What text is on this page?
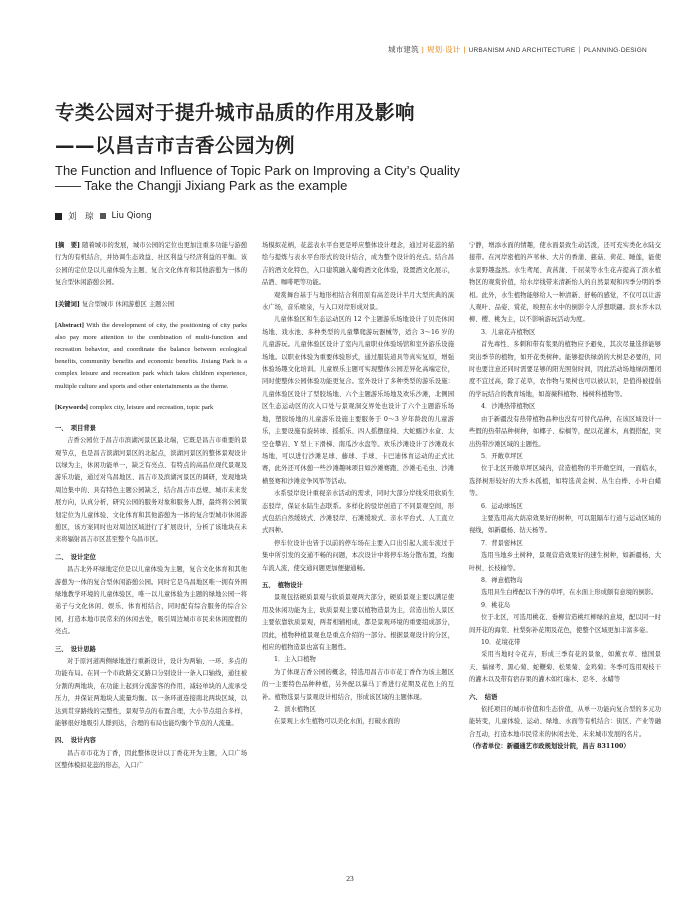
城市建筑 | 规划·设计 | URBANISM AND ARCHITECTURE | PLANNING·DESIGN
专类公园对于提升城市品质的作用及影响
——以昌吉市吉香公园为例
The Function and Influence of Topic Park on Improving a City’s Quality
—— Take the Changji Jixiang Park as the example
刘　琼 Liu Qiong
[摘　要] 随着城市的发展，城市公园的定位也更加注重多功能与游憩行为的有机结合，并协调生态效益、社区利益与经济利益的平衡。该公园的定位是以儿童体验为主题、复合文化体育和其他游憩为一体的复合型休闲游憩公园。
[关键词] 复合型城市 休闲游憩区 主题公园
[Abstract] With the development of city, the positioning of city parks also pay more attention to the combination of multi-function and recreation behavior, and coordinate the balance between ecological benefits, community benefits and economic benefits. Jixiang Park is a complex leisure and recreation park which takes children experience, multiple culture and sports and other entertainments as the theme.
[Keywords] complex city, leisure and recreation, topic park
一、　项目背景
吉香公园位于昌吉市滨湖河景区最北端，它既是昌吉市重要的景观节点，也是昌吉滨湖河景区的北起点，滨湖河景区的整体景观设计以绿为主，休闲功能单一，缺乏有亮点、有特点的高品位现代景观及游乐功能，通过对乌昌地区、昌吉市及滨湖河景区的调研，发现地块周边集中的、具有特色主题公园缺乏，结合昌吉市总规、城市未来发展方向，认真分析，研究公园的服务对象和服务人群，最终将公园策划定位为儿童体验、文化体育和其他游憩为一体的复合型城市休闲游憩区，该方案同时也对周边区域进行了扩展设计，分析了该地块在未来将辐射昌吉市区甚至整个乌昌市区。
二、　设计定位
昌吉北外环绿地定位是以儿童体验为主题，复合文化体育和其他游憩为一体的复合型休闲游憩公园。同时它是乌昌地区唯一拥有外围绿地教学环境的儿童体验区，唯一以儿童体验为主题的绿地公园一将弟子与文化休闲、娱乐、体育相结合，同时配有综合服务的综合公园，打造本地市民常来的休闲去处，吸引周边城市市民来休闲度假的亮点。
三、　设计思路
对于原河道两侧绿地进行重新设计，设计为两轴、一环、多点的功能布局。在同一个市政路交叉路口分别设计一条入口轴线，通往被分割的两地块，在功能上起到分流游客的作用，减轻单块的人流承受压力，并保证两地块人流量均衡。以一条环道连接南北两块区域，以达到贯穿路线的完整性，景观节点的布置合理，大小节点组合多样，能够很好地吸引人群到达，合理的布局也能均衡个节点的人流量。
四、　设计内容
昌吉市市花为丁香，因此整体设计以丁香花开为主题，入口广场区整体模拟花蕊的形态，入口广
场模拟花柄，花蕊表水平台更是呼应整体设计理念，通过对花蕊的描绘与提炼与表水平台形式的设计结合，成为整个设计的亮点。结合昌吉的酒文化特色，入口建筑融入葡萄酒文化体验，设置酒文化展示，品酒、咖啡吧等功能。
观赏舞台基于与地形相结合利用原有高差设计半月大型庆典的演水广场，音乐喷泉，与入口对岸形成对景。
儿童体验区和生态运动区的 12 个主题游乐场地设计了贝壳休闲场地、戏水池、多种类型的儿童攀爬游玩器械等，适合 3～16 岁的儿童游玩。儿童体验区设计了室内儿童职业体验场馆和室外游乐设施场地。以职业体验为重要体验形式，通过服装道具等真实复原，增强体验场趣文化培训。儿童娱乐主题可实现整体公园差异化高端定位，同时使整体公园体验功能更复合。室外设计了多种类型的游乐设施：儿童体验区设计了型胶场地、六个主题游乐场地及欢乐沙滩，北侧园区生态运动区的次入口处与景观洞交界处也设计了六个主题游乐场地，塑胶场地的儿童游乐设施主要服务于 0～3 岁年龄段的儿童游乐，主要设施有旋转球、摇摇乐、四人摇摆座椅、大蛇蠕沙水盒、太空仓攀岩、Y 型上下滑梯、南瓜沙水盘等。欢乐沙滩设计了沙滩戏水场地，可以进行沙滩足球、藤球、手球、卡巴迪体育运动的正式比赛，此外还可休憩一些沙滩趣味项目如沙滩赛跑、沙滩毛毛虫、沙滩横竖赛和沙滩竞争风筝等活动。
水系驳岸设计重视亲水活动的需求，同时大部分岸线采用软质生态驳岸，保证水陆生态联系。多样化的驳岸创造了不同景观空间，形式包括自然缓坡式、沙滩驳岸、石滩缓坡式、亲水平台式、人工直立式四种。
停车位设计也皆于以前的停车场在主要入口出引起人流车流过于集中所引发的交通不畅的问题，本次设计中将停车场分散布置，均衡车流人流，使交通问题更加便捷通畅。
五、　植物设计
景观包括硬质景观与软质景观两大部分，硬质景观主要以满足使用及休闲功能为主，软质景观主要以植物造景为主，营造出怡人景区主要依靠软质景观，两者相辅相成，都是景观环境的重要组成部分，因此，植物种植景观也是重点介绍的一部分。根据景观设计的分区，相应的植物造景也富有主题性。
1．主入口植物
为了体现吉香公园的概念，特选用昌吉市市花丁香作为该主题区的一主要特色品种种植，另外配以暴马丁香进行花期及花色上的互补。植物选景与景观设计相结合，形成该区域的主题体现。
2．滨水植物区
在景观上水生植物可以美化水面，打破水面的
宁静，增添水面的情趣，使水面景致生动活泼，还可充实类化水陆交接带。在河岸密植的芦苇林、大片的香蒲、慈菇、荷花、睡莲，能使水景野趣盎然。水生鸢尾、黄菖蒲、千屈菜等水生花卉提高了滨水植物区的观赏价值，给水岸线带来清新怡人的自然景观和四季分明的季相。此外，水生植物能够给人一种清新、舒畅的感觉，不仅可以让游人观叶、品姿、赏花，映照在水中的倒影令人浮想联翩。滨水乔木以柳、樱、桃为主，以不影响游玩活动为度。
3．儿童花卉植物区
首先毒性、多刺和带有浆果的植物应予避免，其次尽量选择能够突出季节的植物，如开花类树种。能够提供绿荫的大树是必要的，同时也要注意还同时需要足够的阳光照射时间，因此活动场地绿荫覆闭度不宜过高，除了花草，农作物与果树也可以被认识，是值得被提倡的学玩结合的教育场地，如蔷薇科植物、榛树科植物等。
4．沙滩热带植物区
由于新疆没有热带植物品种也没有可替代品种，在该区域设计一些假的热带品种树种，如椰子、棕榈等，配以花灌木，真假搭配，突出热带沙滩区域的主题性。
5．开敞草坪区
位于北区开敞草坪区域内，营造植物的半开敞空间，一面临水，选择树形较好的大乔木孤植，如特选黄金树、丛生白桦、小叶白蜡等。
6．运动球场区
主要选用高大荫凉效果好的树种，可以阻隔车行道与运动区域的视线，如新疆杨、钻天杨等。
7．背景密林区
选用当地乡土树种，景观营造效果好的速生树种，如新疆杨、大叶树、长枝榆等。
8．禅意植物岛
选用具生白桦配以千净的草坪，在水面上形成颇有意境的倒影。
9．桃花岛
位于北区，可选用桃花、垂柳营造桃红柳绿的意境，配以同一时间开花的海棠、杜梨弥补花期及花色，使整个区域更加丰富多姿。
10．花境花带
采用当地时令花卉，形成三季有花的景象，如薰衣草、德国景天、福禄考、黑心菊、蛇鞭菊、松果菊、金鸡菊；冬季可选用观枝干的灌木以及带有宿存果的灌木如红瑞木、忍冬、水蜡等
六、　结语
依托项目的城市价值和生态价值，从单一功能向复合型的多元功能转变，儿童体验、运动、绿地、水面等有机结合：街区、产业等融合互动，打造本地市民常来的休闲去处、未来城市发展的名片。
（作者单位：新疆通艺市政规划设计院，昌吉 831100）
23
